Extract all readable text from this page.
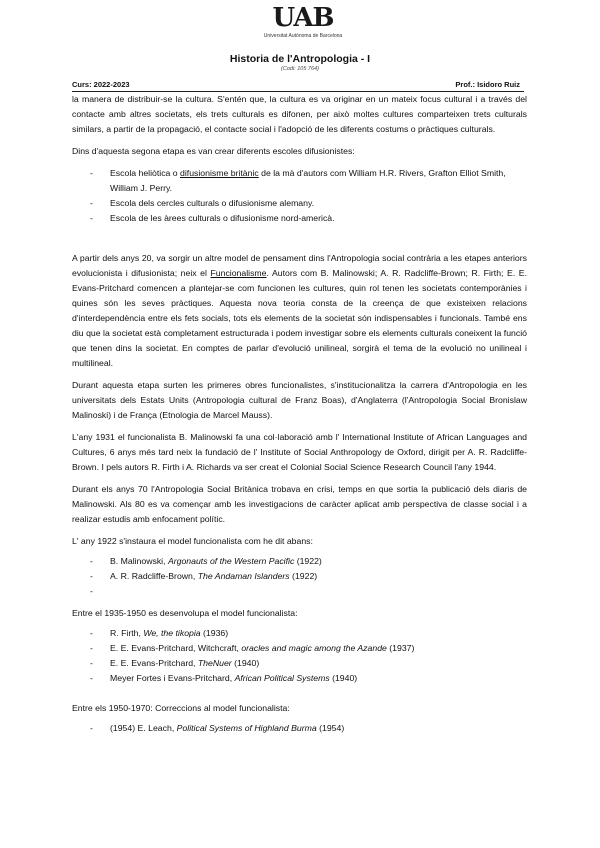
UAB
Universitat Autònoma de Barcelona
Historia de l'Antropologia - I
(Codi: 105 764)
Curs: 2022-2023	Prof.: Isidoro Ruiz

la manera de distribuir-se la cultura. S'entén que, la cultura es va originar en un mateix focus cultural i a través del contacte amb altres societats, els trets culturals es difonen, per això moltes cultures comparteixen trets culturals similars, a partir de la propagació, el contacte social i l'adopció de les diferents costums o pràctiques culturals.

Dins d'aquesta segona etapa es van crear diferents escoles difusionistes:

- Escola heliòtica o difusionisme britànic de la mà d'autors com William H.R. Rivers, Grafton Elliot Smith, William J. Perry.
- Escola dels cercles culturals o difusionisme alemany.
- Escola de les àrees culturals o difusionisme nord-americà.

A partir dels anys 20, va sorgir un altre model de pensament dins l'Antropologia social contrària a les etapes anteriors evolucionista i difusionista; neix el Funcionalisme. Autors com B. Malinowski; A. R. Radcliffe-Brown; R. Firth; E. E. Evans-Pritchard comencen a plantejar-se com funcionen les cultures, quin rol tenen les societats contemporànies i quines són les seves pràctiques. Aquesta nova teoria consta de la creença de que existeixen relacions d'interdependència entre els fets socials, tots els elements de la societat són indispensables i funcionals. També ens diu que la societat està completament estructurada i podem investigar sobre els elements culturals coneixent la funció que tenen dins la societat. En comptes de parlar d'evolució unilineal, sorgirà el tema de la evolució no unilineal i multilineal.

Durant aquesta etapa surten les primeres obres funcionalistes, s'institucionalitza la carrera d'Antropologia en les universitats dels Estats Units (Antropologia cultural de Franz Boas), d'Anglaterra (l'Antropologia Social Bronislaw Malinoski) i de França (Etnologia de Marcel Mauss).

L'any 1931 el funcionalista B. Malinowski fa una col·laboració amb l' International Institute of African Languages and Cultures, 6 anys més tard neix la fundació de l' Institute of Social Anthropology de Oxford, dirigit per A. R. Radcliffe-Brown. I pels autors R. Firth i A. Richards va ser creat el Colonial Social Science Research Council l'any 1944.

Durant els anys 70 l'Antropologia Social Britànica trobava en crisi, temps en que sortia la publicació dels diaris de Malinowski. Als 80 es va començar amb les investigacions de caràcter aplicat amb perspectiva de classe social i a realizar estudis amb enfocament polític.

L' any 1922 s'instaura el model funcionalista com he dit abans:

- B. Malinowski, Argonauts of the Western Pacific (1922)
- A. R. Radcliffe-Brown, The Andaman Islanders (1922)
-

Entre el 1935-1950 es desenvolupa el model funcionalista:

- R. Firth, We, the tikopia (1936)
- E. E. Evans-Pritchard, Witchcraft, oracles and magic among the Azande (1937)
- E. E. Evans-Pritchard, TheNuer (1940)
- Meyer Fortes i Evans-Pritchard, African Political Systems (1940)

Entre els 1950-1970: Correccions al model funcionalista:

- (1954) E. Leach, Political Systems of Highland Burma (1954)
